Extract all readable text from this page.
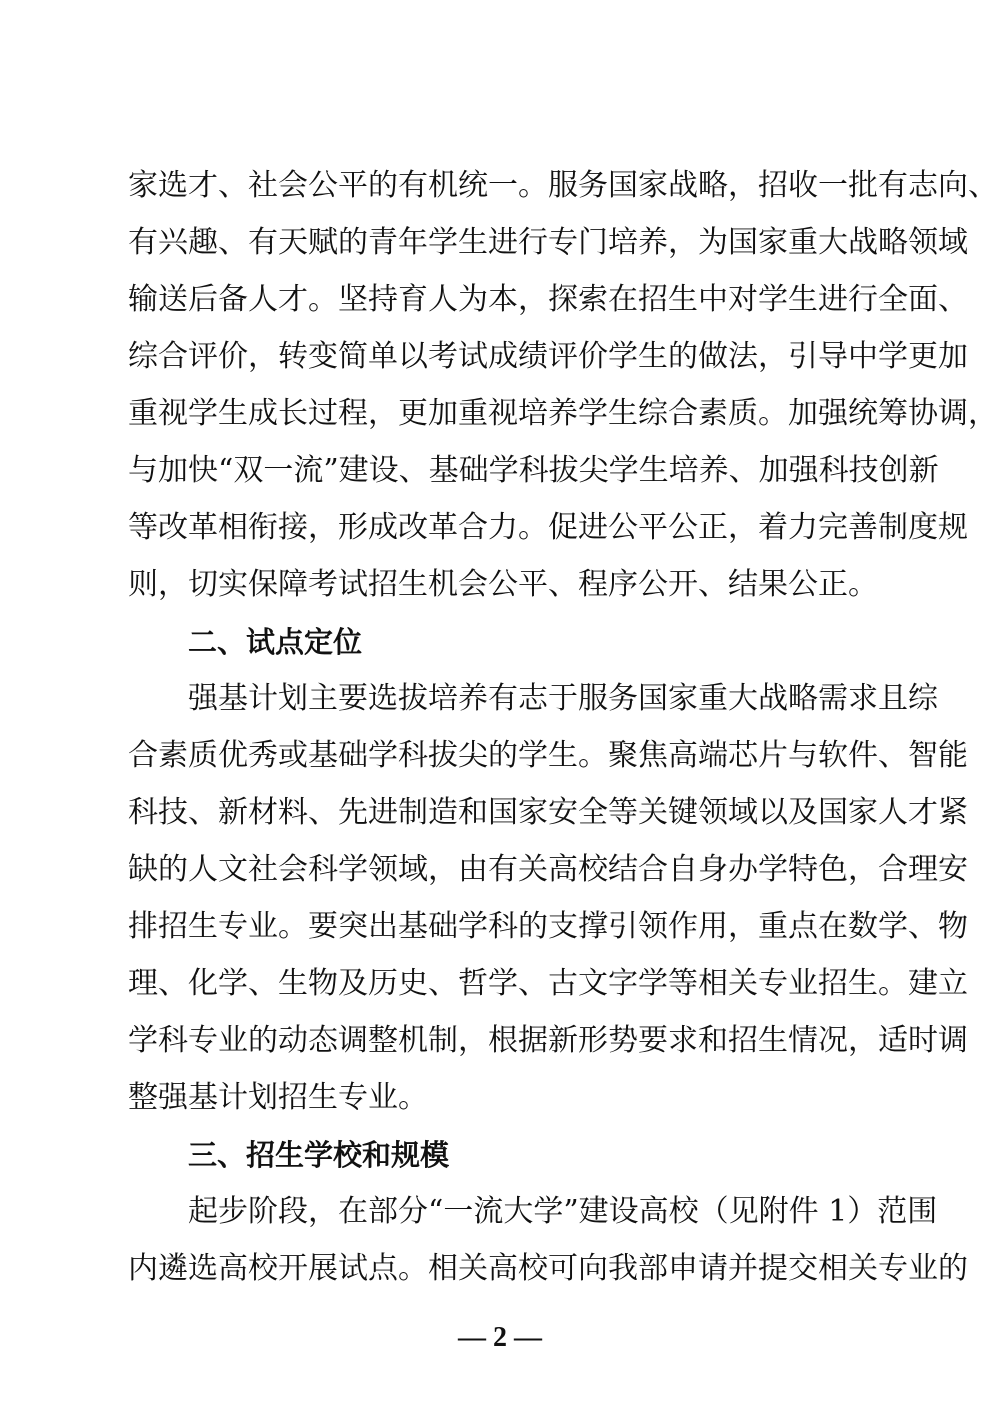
家选才、社会公平的有机统一。服务国家战略，招收一批有志向、
有兴趣、有天赋的青年学生进行专门培养，为国家重大战略领域
输送后备人才。坚持育人为本，探索在招生中对学生进行全面、
综合评价，转变简单以考试成绩评价学生的做法，引导中学更加
重视学生成长过程，更加重视培养学生综合素质。加强统筹协调，
与加快“双一流”建设、基础学科拔尖学生培养、加强科技创新
等改革相衔接，形成改革合力。促进公平公正，着力完善制度规
则，切实保障考试招生机会公平、程序公开、结果公正。
二、试点定位
强基计划主要选拔培养有志于服务国家重大战略需求且综
合素质优秀或基础学科拔尖的学生。聚焦高端芯片与软件、智能
科技、新材料、先进制造和国家安全等关键领域以及国家人才紧
缺的人文社会科学领域，由有关高校结合自身办学特色，合理安
排招生专业。要突出基础学科的支撑引领作用，重点在数学、物
理、化学、生物及历史、哲学、古文字学等相关专业招生。建立
学科专业的动态调整机制，根据新形势要求和招生情况，适时调
整强基计划招生专业。
三、招生学校和规模
起步阶段，在部分“一流大学”建设高校（见附件 1）范围
内遴选高校开展试点。相关高校可向我部申请并提交相关专业的
— 2 —
